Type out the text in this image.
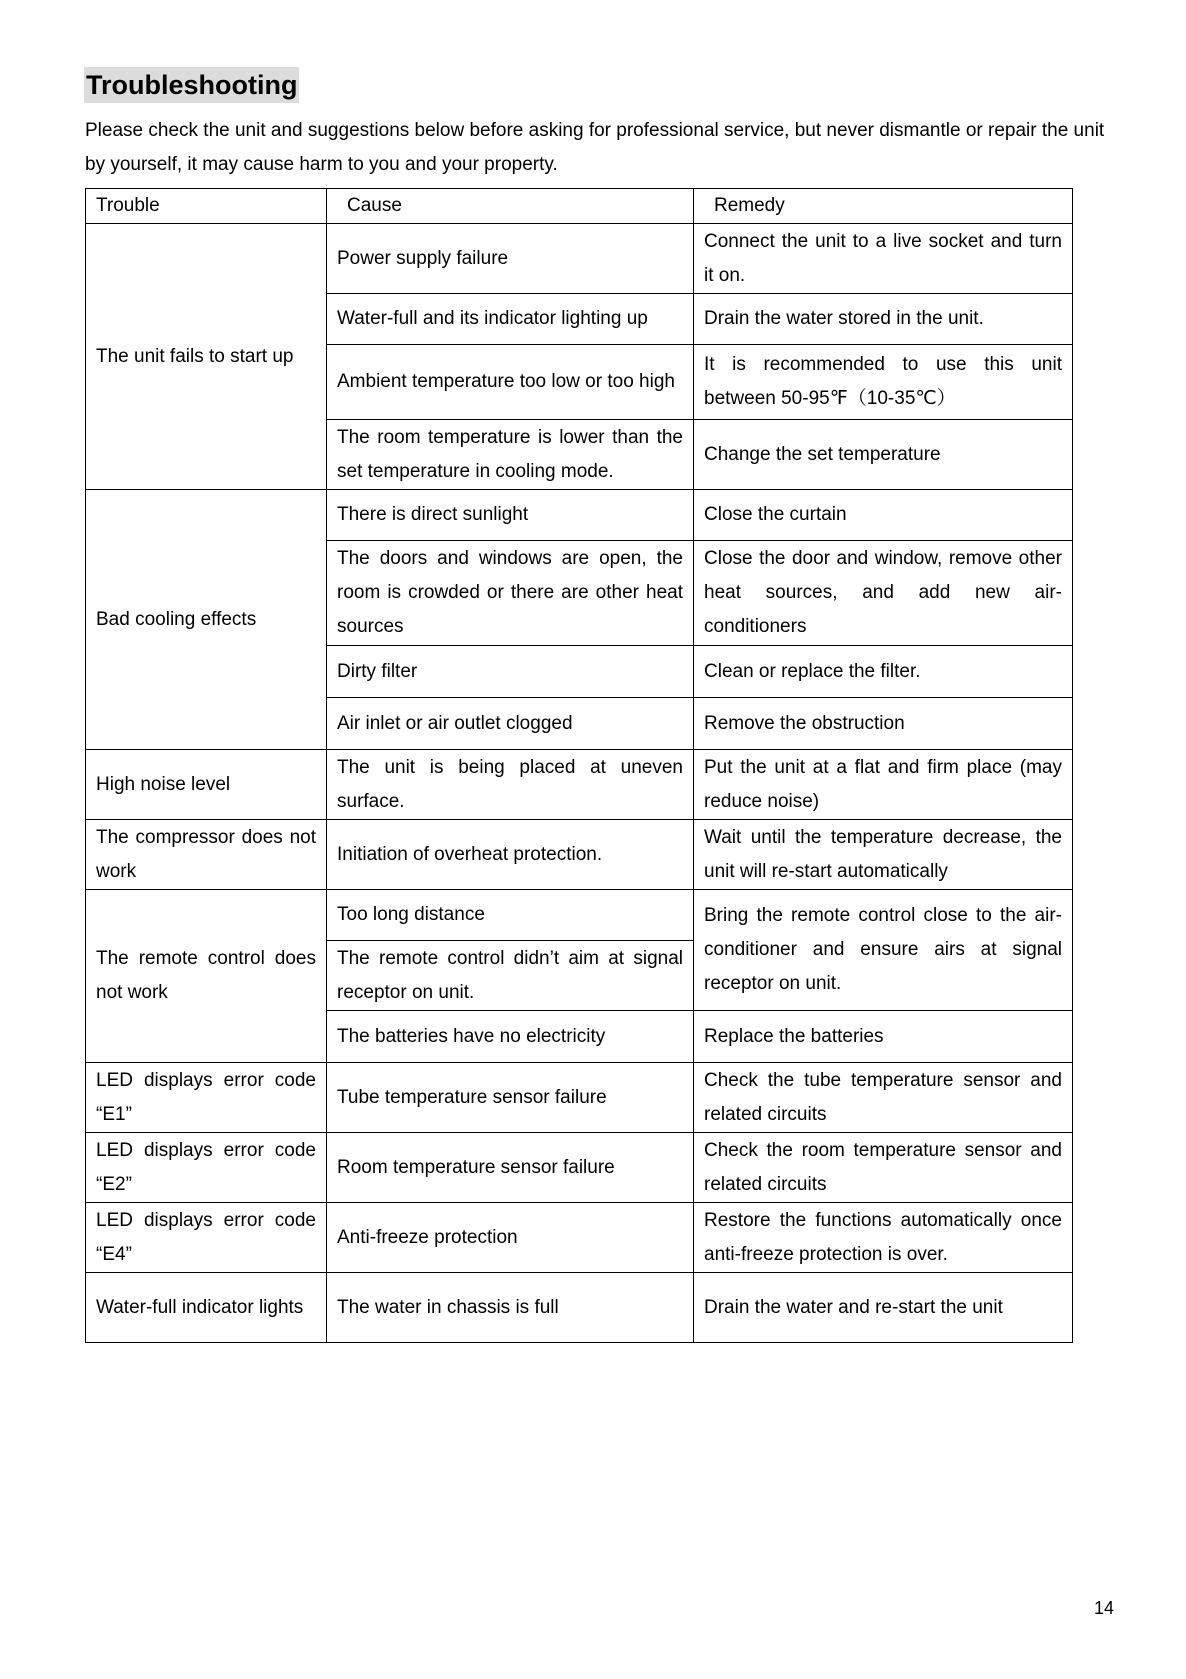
Troubleshooting

Please check the unit and suggestions below before asking for professional service, but never dismantle or repair the unit by yourself, it may cause harm to you and your property.

Trouble	Cause	Remedy
The unit fails to start up	Power supply failure	Connect the unit to a live socket and turn it on.
	Water-full and its indicator lighting up	Drain the water stored in the unit.
	Ambient temperature too low or too high	It is recommended to use this unit between 50-95℉（10-35℃）
	The room temperature is lower than the set temperature in cooling mode.	Change the set temperature
Bad cooling effects	There is direct sunlight	Close the curtain
	The doors and windows are open, the room is crowded or there are other heat sources	Close the door and window, remove other heat sources, and add new air-conditioners
	Dirty filter	Clean or replace the filter.
	Air inlet or air outlet clogged	Remove the obstruction
High noise level	The unit is being placed at uneven surface.	Put the unit at a flat and firm place (may reduce noise)
The compressor does not work	Initiation of overheat protection.	Wait until the temperature decrease, the unit will re-start automatically
The remote control does not work	Too long distance	Bring the remote control close to the air-conditioner and ensure airs at signal receptor on unit.
	The remote control didn’t aim at signal receptor on unit.	
	The batteries have no electricity	Replace the batteries
LED displays error code “E1”	Tube temperature sensor failure	Check the tube temperature sensor and related circuits
LED displays error code “E2”	Room temperature sensor failure	Check the room temperature sensor and related circuits
LED displays error code “E4”	Anti-freeze protection	Restore the functions automatically once anti-freeze protection is over.
Water-full indicator lights	The water in chassis is full	Drain the water and re-start the unit
14
